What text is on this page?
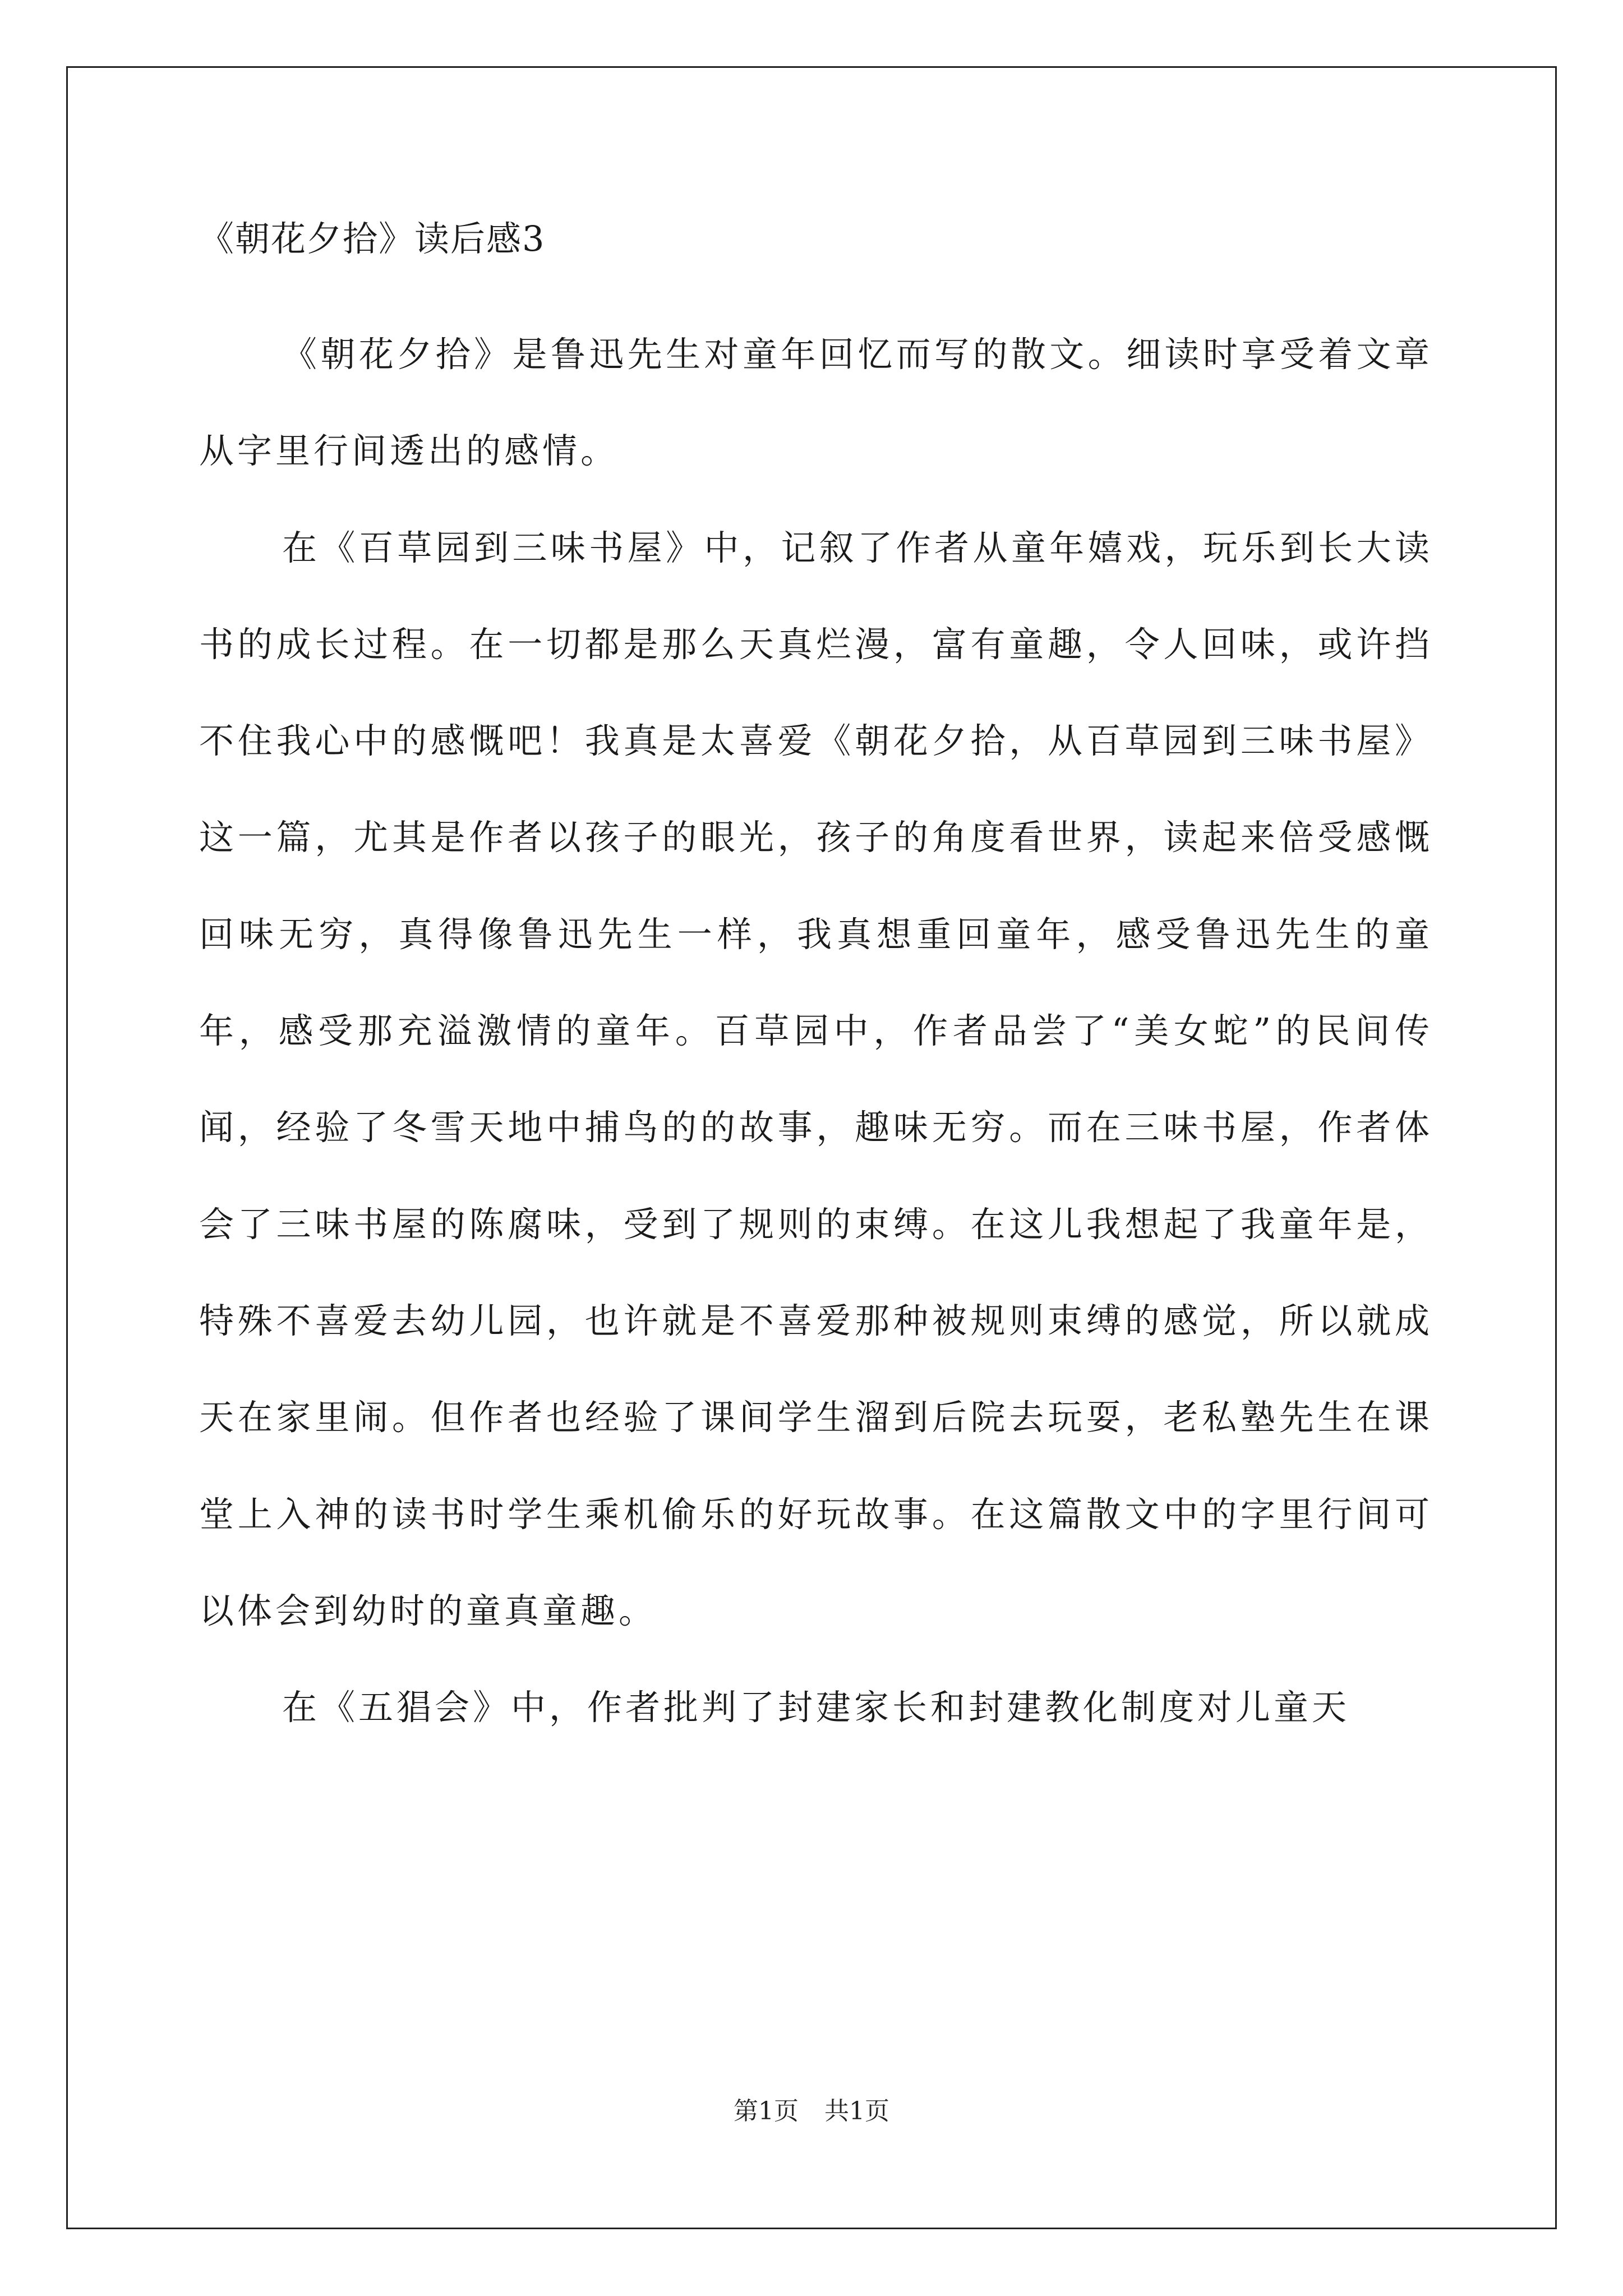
《朝花夕拾》读后感3

《朝花夕拾》是鲁迅先生对童年回忆而写的散文。细读时享受着文章从字里行间透出的感情。

在《百草园到三味书屋》中，记叙了作者从童年嬉戏，玩乐到长大读书的成长过程。在一切都是那么天真烂漫，富有童趣，令人回味，或许挡不住我心中的感慨吧！我真是太喜爱《朝花夕拾，从百草园到三味书屋》这一篇，尤其是作者以孩子的眼光，孩子的角度看世界，读起来倍受感慨回味无穷，真得像鲁迅先生一样，我真想重回童年，感受鲁迅先生的童年，感受那充溢激情的童年。百草园中，作者品尝了“美女蛇”的民间传闻，经验了冬雪天地中捕鸟的的故事，趣味无穷。而在三味书屋，作者体会了三味书屋的陈腐味，受到了规则的束缚。在这儿我想起了我童年是，特殊不喜爱去幼儿园，也许就是不喜爱那种被规则束缚的感觉，所以就成天在家里闹。但作者也经验了课间学生溜到后院去玩耍，老私塾先生在课堂上入神的读书时学生乘机偷乐的好玩故事。在这篇散文中的字里行间可以体会到幼时的童真童趣。

在《五猖会》中，作者批判了封建家长和封建教化制度对儿童天

第1页 共1页
